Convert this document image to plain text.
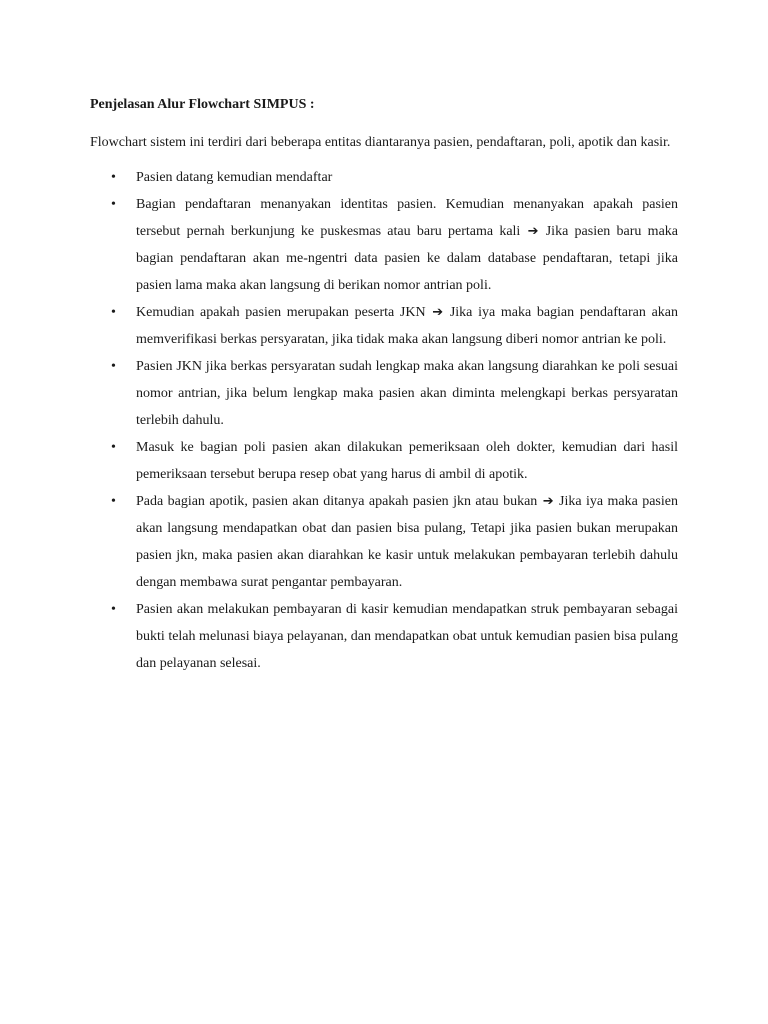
Penjelasan Alur Flowchart SIMPUS :

Flowchart sistem ini terdiri dari beberapa entitas diantaranya pasien, pendaftaran, poli, apotik dan kasir.

•	Pasien datang kemudian mendaftar
•	Bagian pendaftaran menanyakan identitas pasien. Kemudian menanyakan apakah pasien tersebut pernah berkunjung ke puskesmas atau baru pertama kali ➔ Jika pasien baru maka bagian pendaftaran akan me-ngentri data pasien ke dalam database pendaftaran, tetapi jika pasien lama maka akan langsung di berikan nomor antrian poli.
•	Kemudian apakah pasien merupakan peserta JKN ➔ Jika iya maka bagian pendaftaran akan memverifikasi berkas persyaratan, jika tidak maka akan langsung diberi nomor antrian ke poli.
•	Pasien JKN jika berkas persyaratan sudah lengkap maka akan langsung diarahkan ke poli sesuai nomor antrian, jika belum lengkap maka pasien akan diminta melengkapi berkas persyaratan terlebih dahulu.
•	Masuk ke bagian poli pasien akan dilakukan pemeriksaan oleh dokter, kemudian dari hasil pemeriksaan tersebut berupa resep obat yang harus di ambil di apotik.
•	Pada bagian apotik, pasien akan ditanya apakah pasien jkn atau bukan ➔ Jika iya maka pasien akan langsung mendapatkan obat dan pasien bisa pulang, Tetapi jika pasien bukan merupakan pasien jkn, maka pasien akan diarahkan ke kasir untuk melakukan pembayaran terlebih dahulu dengan membawa surat pengantar pembayaran.
•	Pasien akan melakukan pembayaran di kasir kemudian mendapatkan struk pembayaran sebagai bukti telah melunasi biaya pelayanan, dan mendapatkan obat untuk kemudian pasien bisa pulang dan pelayanan selesai.
